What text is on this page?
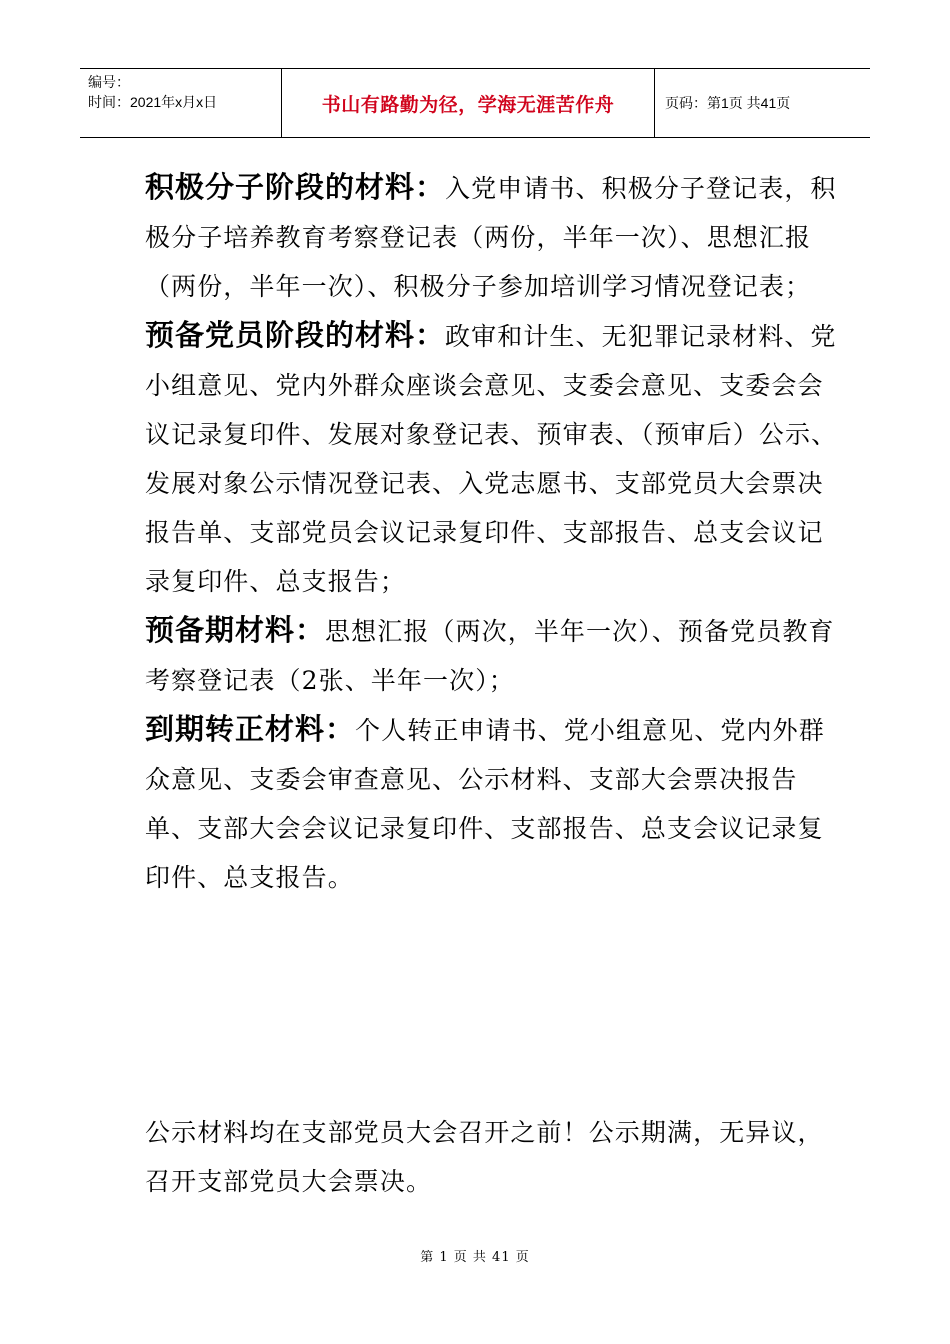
编号：
时间：2021年x月x日	书山有路勤为径，学海无涯苦作舟	页码：第1页 共41页

积极分子阶段的材料：入党申请书、积极分子登记表，积极分子培养教育考察登记表（两份，半年一次）、思想汇报（两份，半年一次）、积极分子参加培训学习情况登记表；

预备党员阶段的材料：政审和计生、无犯罪记录材料、党小组意见、党内外群众座谈会意见、支委会意见、支委会会议记录复印件、发展对象登记表、预审表、（预审后）公示、发展对象公示情况登记表、入党志愿书、支部党员大会票决报告单、支部党员会议记录复印件、支部报告、总支会议记录复印件、总支报告；

预备期材料：思想汇报（两次，半年一次）、预备党员教育考察登记表（2张、半年一次）；

到期转正材料：个人转正申请书、党小组意见、党内外群众意见、支委会审查意见、公示材料、支部大会票决报告单、支部大会会议记录复印件、支部报告、总支会议记录复印件、总支报告。

公示材料均在支部党员大会召开之前！公示期满，无异议，召开支部党员大会票决。

第 1 页 共 41 页
